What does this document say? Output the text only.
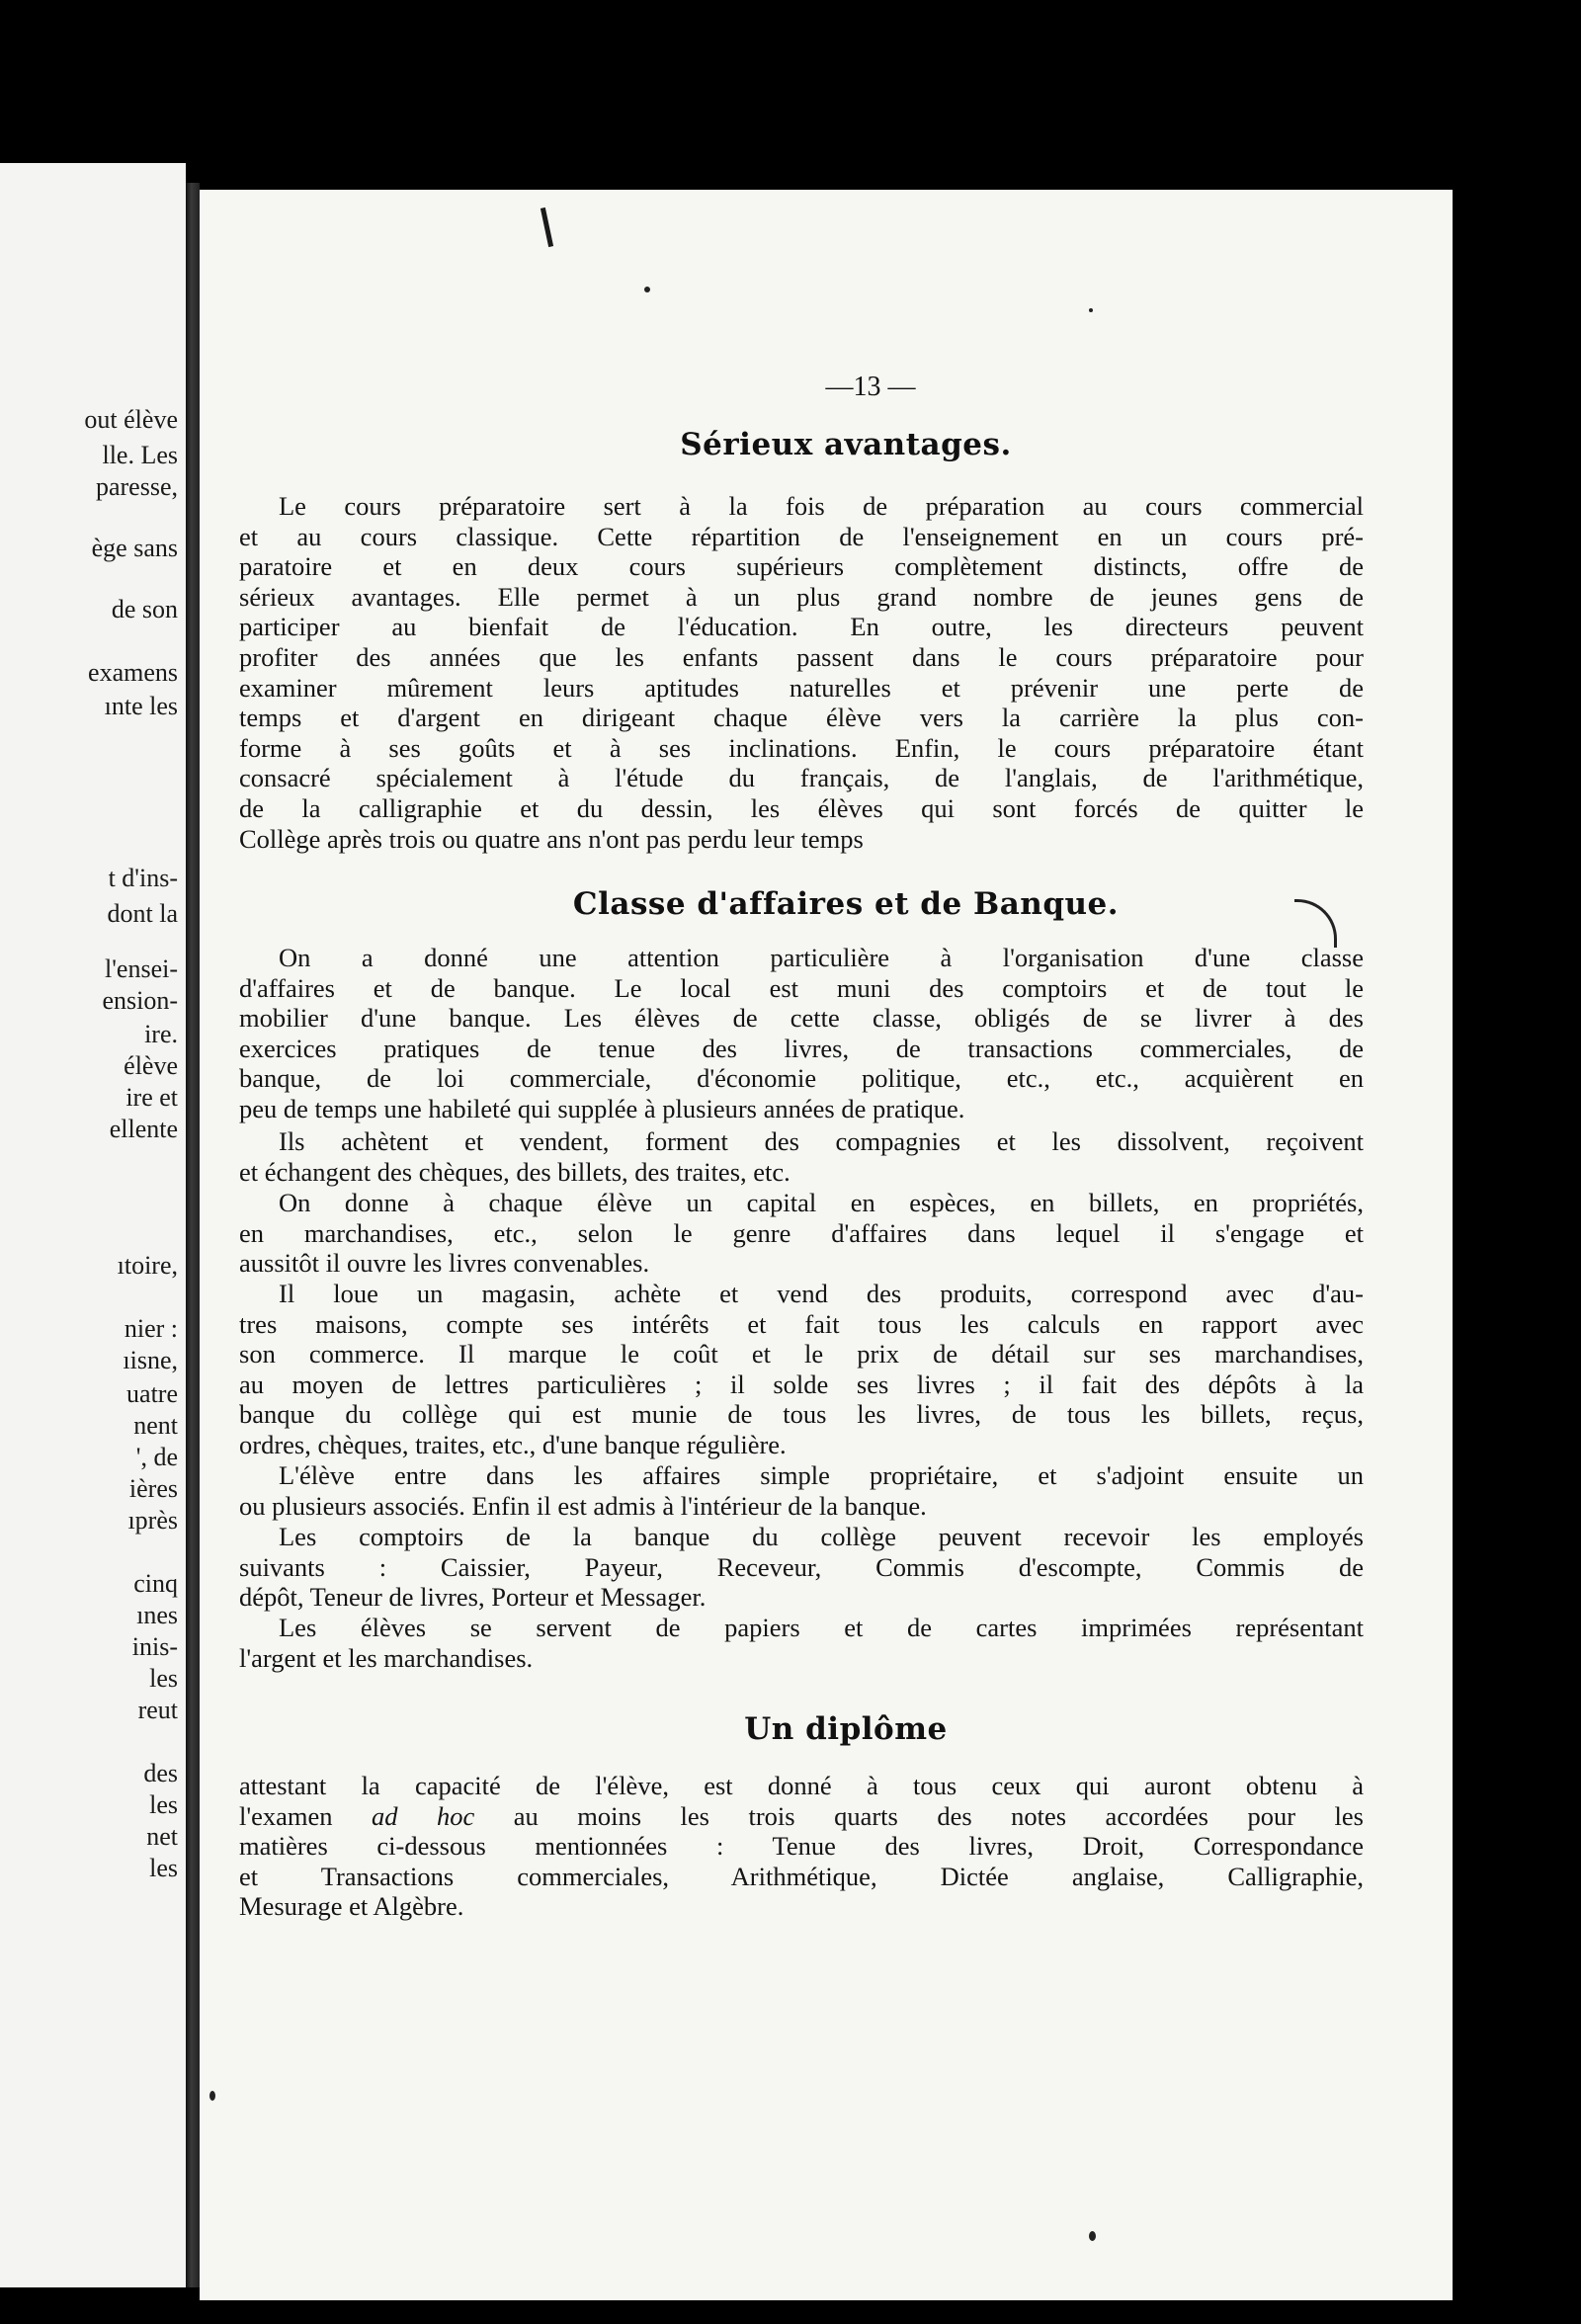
out élève
lle. Les
paresse,
ège sans
de son
examens
ınte les
t d'ins-
dont la
l'ensei-
ension-
ire.
élève
ire et
ellente
ıtoire,
nier :
ıisne,
uatre
nent
', de
ières
ıprès
cinq
ınes
inis-
les
reut
des
les
net
les
—13 —
Sérieux avantages.
Le cours préparatoire sert à la fois de préparation au cours commercial
et au cours classique. Cette répartition de l'enseignement en un cours pré-
paratoire et en deux cours supérieurs complètement distincts, offre de
sérieux avantages. Elle permet à un plus grand nombre de jeunes gens de
participer au bienfait de l'éducation. En outre, les directeurs peuvent
profiter des années que les enfants passent dans le cours préparatoire pour
examiner mûrement leurs aptitudes naturelles et prévenir une perte de
temps et d'argent en dirigeant chaque élève vers la carrière la plus con-
forme à ses goûts et à ses inclinations. Enfin, le cours préparatoire étant
consacré spécialement à l'étude du français, de l'anglais, de l'arithmétique,
de la calligraphie et du dessin, les élèves qui sont forcés de quitter le
Collège après trois ou quatre ans n'ont pas perdu leur temps
Classe d'affaires et de Banque.
On a donné une attention particulière à l'organisation d'une classe
d'affaires et de banque. Le local est muni des comptoirs et de tout le
mobilier d'une banque. Les élèves de cette classe, obligés de se livrer à des
exercices pratiques de tenue des livres, de transactions commerciales, de
banque, de loi commerciale, d'économie politique, etc., etc., acquièrent en
peu de temps une habileté qui supplée à plusieurs années de pratique.
Ils achètent et vendent, forment des compagnies et les dissolvent, reçoivent
et échangent des chèques, des billets, des traites, etc.
On donne à chaque élève un capital en espèces, en billets, en propriétés,
en marchandises, etc., selon le genre d'affaires dans lequel il s'engage et
aussitôt il ouvre les livres convenables.
Il loue un magasin, achète et vend des produits, correspond avec d'au-
tres maisons, compte ses intérêts et fait tous les calculs en rapport avec
son commerce. Il marque le coût et le prix de détail sur ses marchandises,
au moyen de lettres particulières ; il solde ses livres ; il fait des dépôts à la
banque du collège qui est munie de tous les livres, de tous les billets, reçus,
ordres, chèques, traites, etc., d'une banque régulière.
L'élève entre dans les affaires simple propriétaire, et s'adjoint ensuite un
ou plusieurs associés. Enfin il est admis à l'intérieur de la banque.
Les comptoirs de la banque du collège peuvent recevoir les employés
suivants : Caissier, Payeur, Receveur, Commis d'escompte, Commis de
dépôt, Teneur de livres, Porteur et Messager.
Les élèves se servent de papiers et de cartes imprimées représentant
l'argent et les marchandises.
Un diplôme
attestant la capacité de l'élève, est donné à tous ceux qui auront obtenu à
l'examen ad hoc au moins les trois quarts des notes accordées pour les
matières ci-dessous mentionnées : Tenue des livres, Droit, Correspondance
et Transactions commerciales, Arithmétique, Dictée anglaise, Calligraphie,
Mesurage et Algèbre.
